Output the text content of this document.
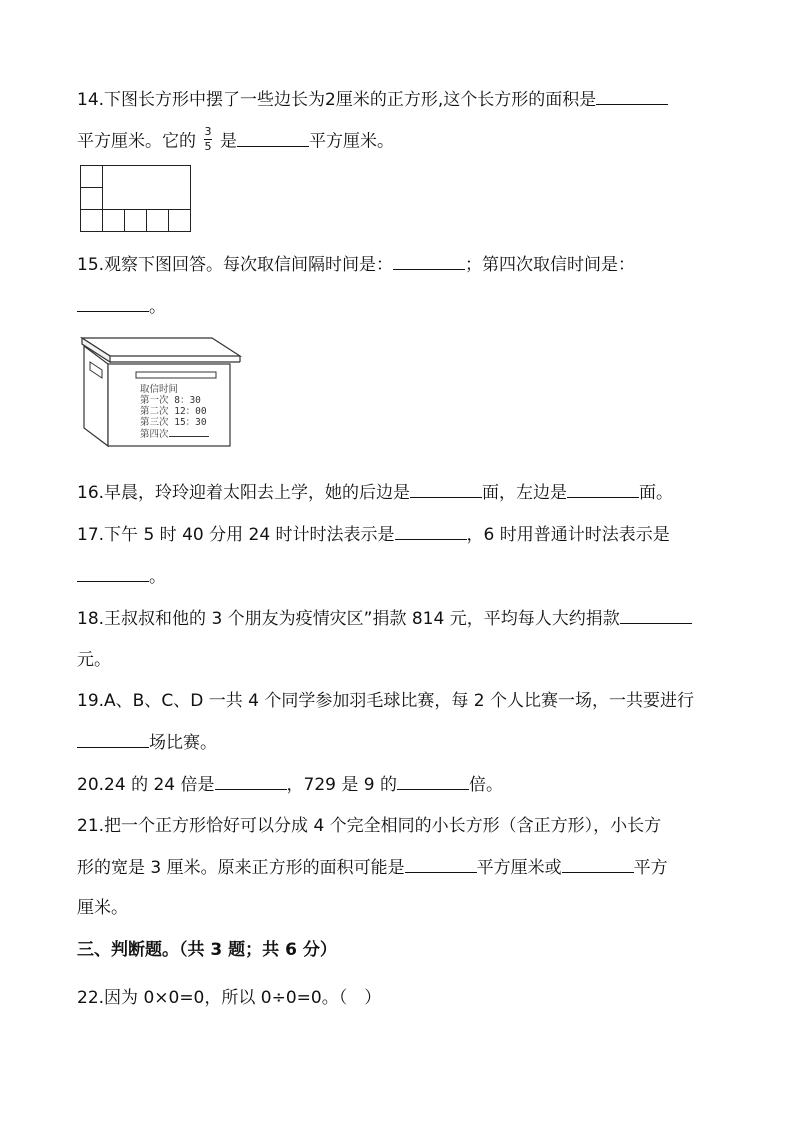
14.下图长方形中摆了一些边长为2厘米的正方形,这个长方形的面积是
平方厘米。它的 $\frac{3}{5}$ 是	平方厘米。
15.观察下图回答。每次取信间隔时间是：	；第四次取信时间是：
。
取信时间
第一次 8：30
第二次 12：00
第三次 15：30
第四次
16.早晨，玲玲迎着太阳去上学，她的后边是	面，左边是	面。
17.下午 5 时 40 分用 24 时计时法表示是	，6 时用普通计时法表示是
。
18.王叔叔和他的 3 个朋友为疫情灾区”捐款 814 元，平均每人大约捐款
元。
19.A、B、C、D 一共 4 个同学参加羽毛球比赛，每 2 个人比赛一场，一共要进行
场比赛。
20.24 的 24 倍是	，729 是 9 的	倍。
21.把一个正方形恰好可以分成 4 个完全相同的小长方形（含正方形），小长方
形的宽是 3 厘米。原来正方形的面积可能是	平方厘米或	平方
厘米。
三、判断题。（共 3 题；共 6 分）
22.因为 0×0=0，所以 0÷0=0。（　）
